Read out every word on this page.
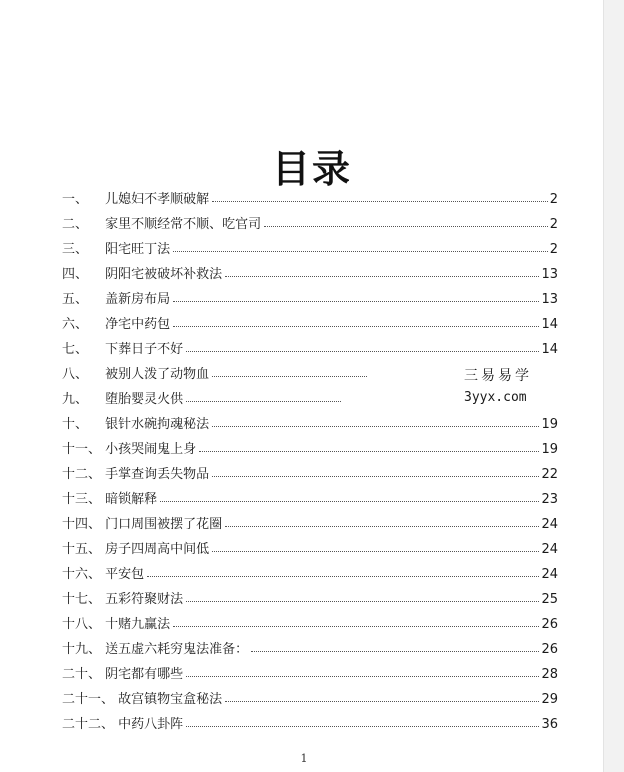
目录
一、  儿媳妇不孝顺破解	2
二、  家里不顺经常不顺、吃官司	2
三、  阳宅旺丁法	2
四、  阴阳宅被破坏补救法	13
五、  盖新房布局	13
六、  净宅中药包	14
七、  下葬日子不好	14
八、  被别人泼了动物血
九、  堕胎婴灵火供
十、  银针水碗拘魂秘法	19
十一、 小孩哭闹鬼上身	19
十二、 手掌查询丢失物品	22
十三、 暗锁解释	23
十四、 门口周围被摆了花圈	24
十五、 房子四周高中间低	24
十六、 平安包	24
十七、 五彩符聚财法	25
十八、 十赌九赢法	26
十九、 送五虚六耗穷鬼法准备：	26
二十、 阴宅都有哪些	28
二十一、 故宫镇物宝盒秘法	29
二十二、 中药八卦阵	36
三易易学
3yyx.com
1
